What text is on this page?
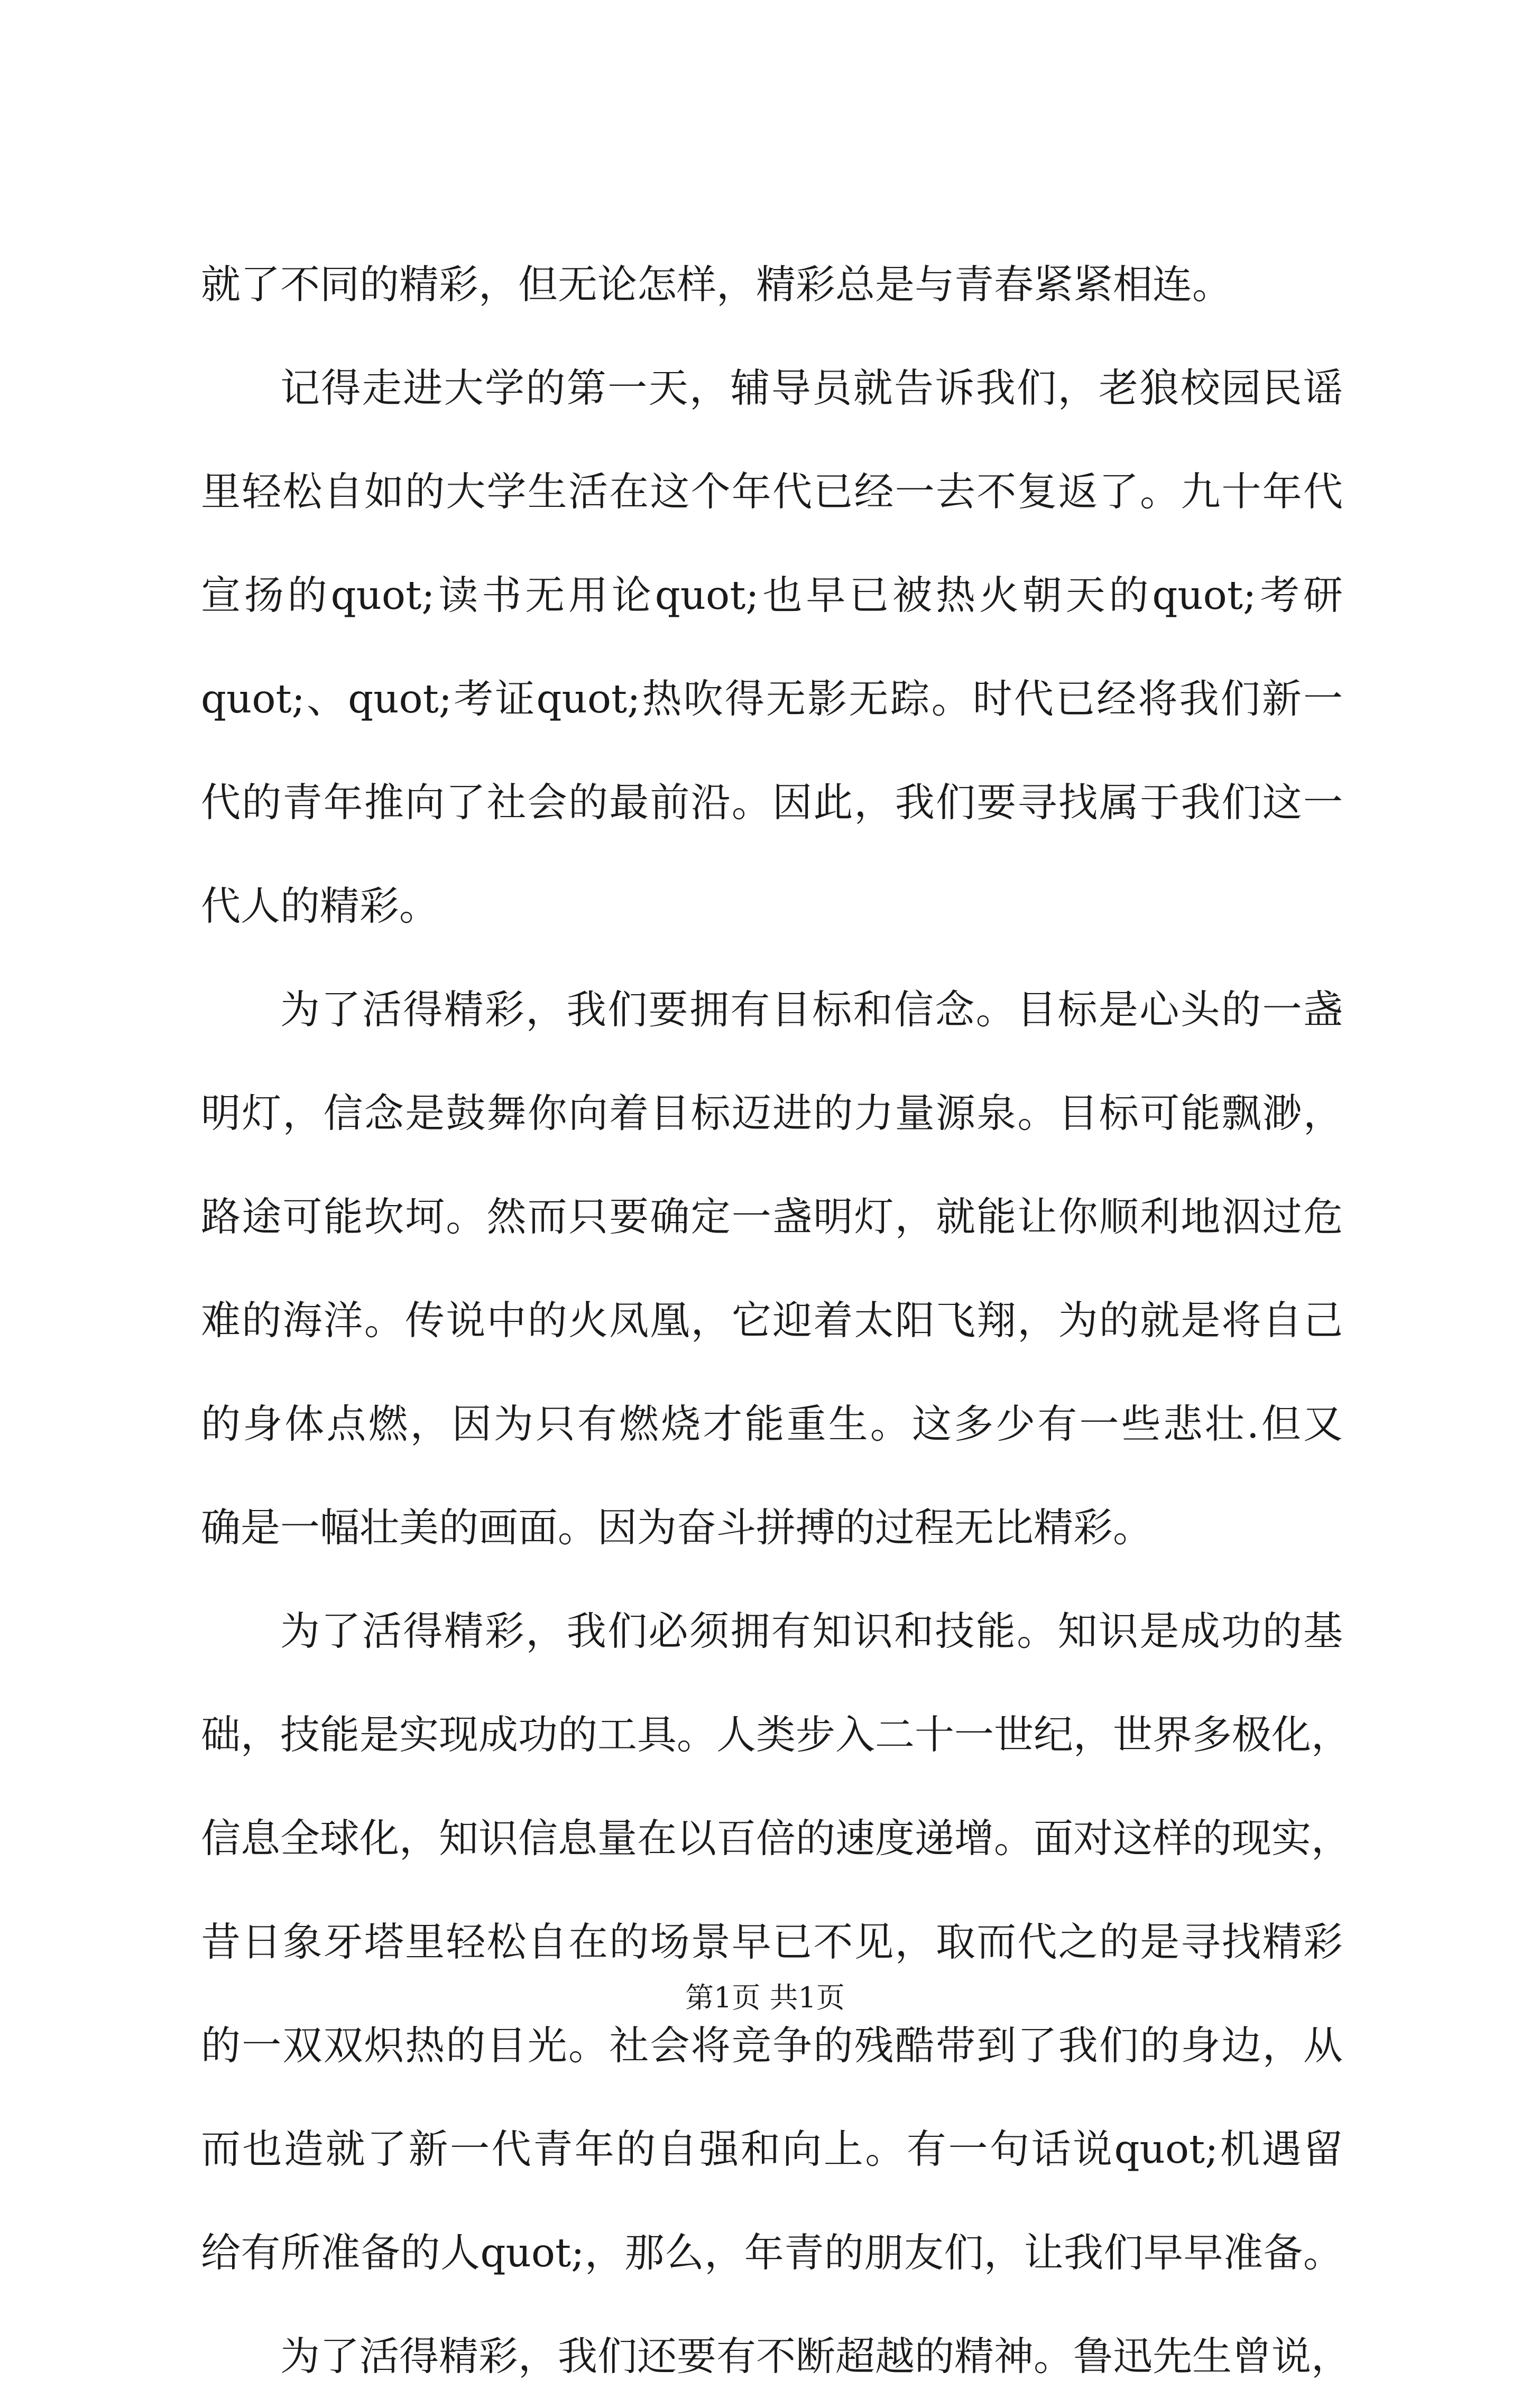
就了不同的精彩，但无论怎样，精彩总是与青春紧紧相连。
记得走进大学的第一天，辅导员就告诉我们，老狼校园民谣
里轻松自如的大学生活在这个年代已经一去不复返了。九十年代
宣扬的quot;读书无用论quot;也早已被热火朝天的quot;考研
quot;、quot;考证quot;热吹得无影无踪。时代已经将我们新一
代的青年推向了社会的最前沿。因此，我们要寻找属于我们这一
代人的精彩。
为了活得精彩，我们要拥有目标和信念。目标是心头的一盏
明灯，信念是鼓舞你向着目标迈进的力量源泉。目标可能飘渺，
路途可能坎坷。然而只要确定一盏明灯，就能让你顺利地泅过危
难的海洋。传说中的火凤凰，它迎着太阳飞翔，为的就是将自己
的身体点燃，因为只有燃烧才能重生。这多少有一些悲壮.但又
确是一幅壮美的画面。因为奋斗拼搏的过程无比精彩。
为了活得精彩，我们必须拥有知识和技能。知识是成功的基
础，技能是实现成功的工具。人类步入二十一世纪，世界多极化，
信息全球化，知识信息量在以百倍的速度递增。面对这样的现实，
昔日象牙塔里轻松自在的场景早已不见，取而代之的是寻找精彩
的一双双炽热的目光。社会将竞争的残酷带到了我们的身边，从
而也造就了新一代青年的自强和向上。有一句话说quot;机遇留
给有所准备的人quot;，那么，年青的朋友们，让我们早早准备。
为了活得精彩，我们还要有不断超越的精神。鲁迅先生曾说，
第1页 共1页
